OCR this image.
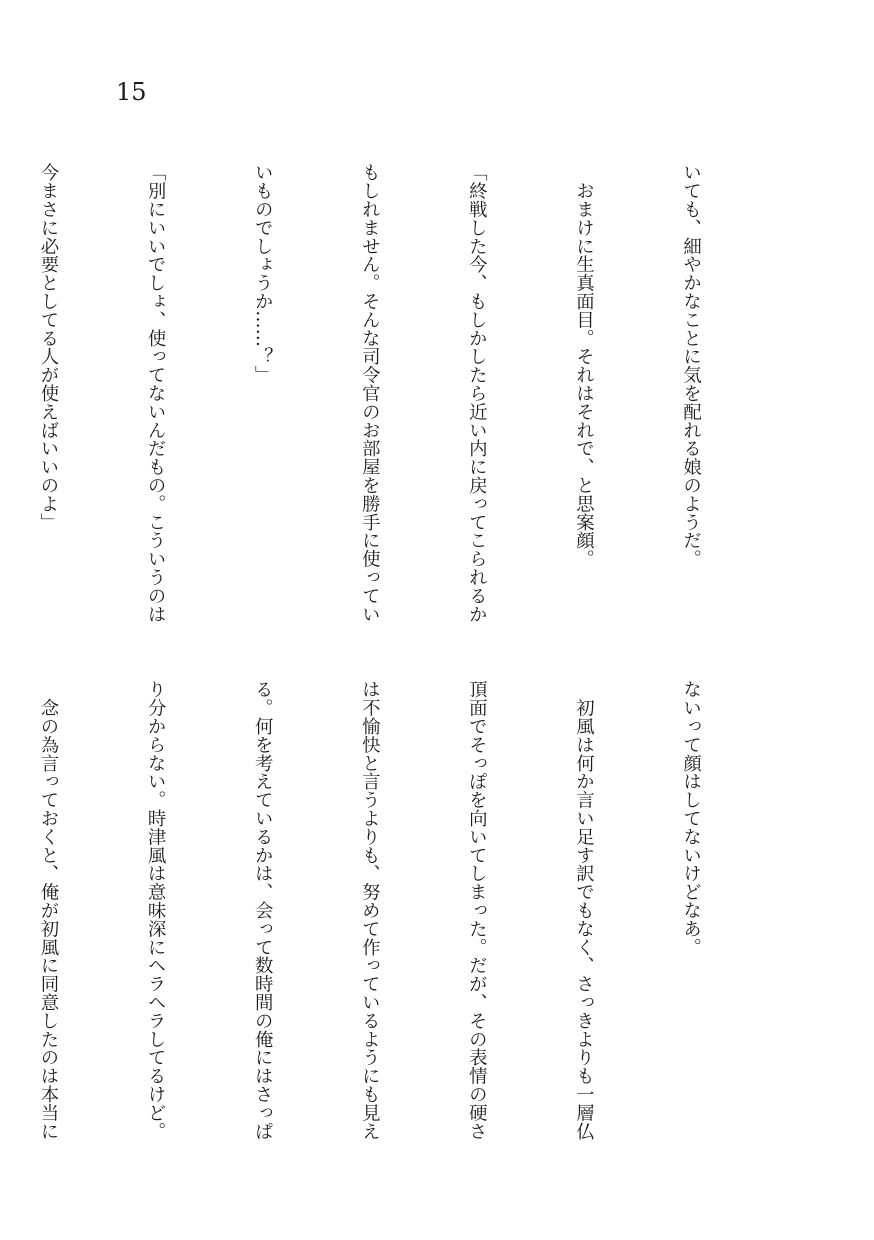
15

いても、細やかなことに気を配れる娘のようだ。

　おまけに生真面目。それはそれで、と思案顔。

「終戦した今、もしかしたら近い内に戻ってこられるか

もしれません。そんな司令官のお部屋を勝手に使ってい

いものでしょうか……？」

「別にいいでしょ、使ってないんだもの。こういうのは

今まさに必要としてる人が使えばいいのよ」

ないって顔はしてないけどなあ。

　初風は何か言い足す訳でもなく、さっきよりも一層仏

頂面でそっぽを向いてしまった。だが、その表情の硬さ

は不愉快と言うよりも、努めて作っているようにも見え

る。何を考えているかは、会って数時間の俺にはさっぱ

り分からない。時津風は意味深にヘラヘラしてるけど。

　念の為言っておくと、俺が初風に同意したのは本当に
